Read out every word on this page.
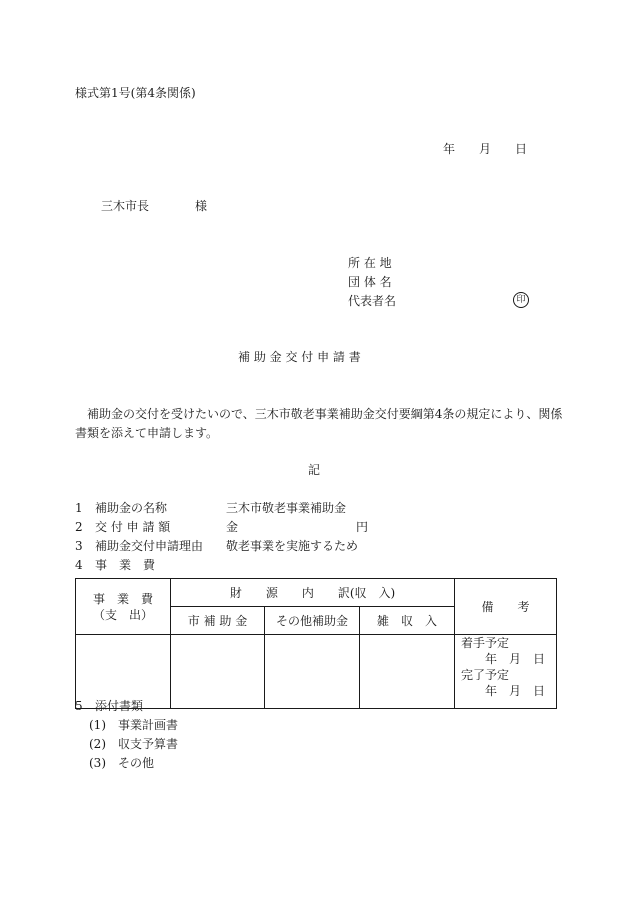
様式第1号(第4条関係)
年　　月　　日
三木市長	様
所 在 地
団 体 名
代表者名	印
補 助 金 交 付 申 請 書
　補助金の交付を受けたいので、三木市敬老事業補助金交付要綱第4条の規定により、関係
書類を添えて申請します。
記
1 補助金の名称	三木市敬老事業補助金
2 交 付 申 請 額	金	円
3 補助金交付申請理由 敬老事業を実施するため
4 事　業　費
事　業　費
（支　出）	財　　源　　内　　訳(収　入)			備　　考
	市 補 助 金	その他補助金	雑　収　入	

				着手予定
　　年　月　日
完了予定
　　年　月　日
5 添付書類
(1) 事業計画書
(2) 収支予算書
(3) その他
